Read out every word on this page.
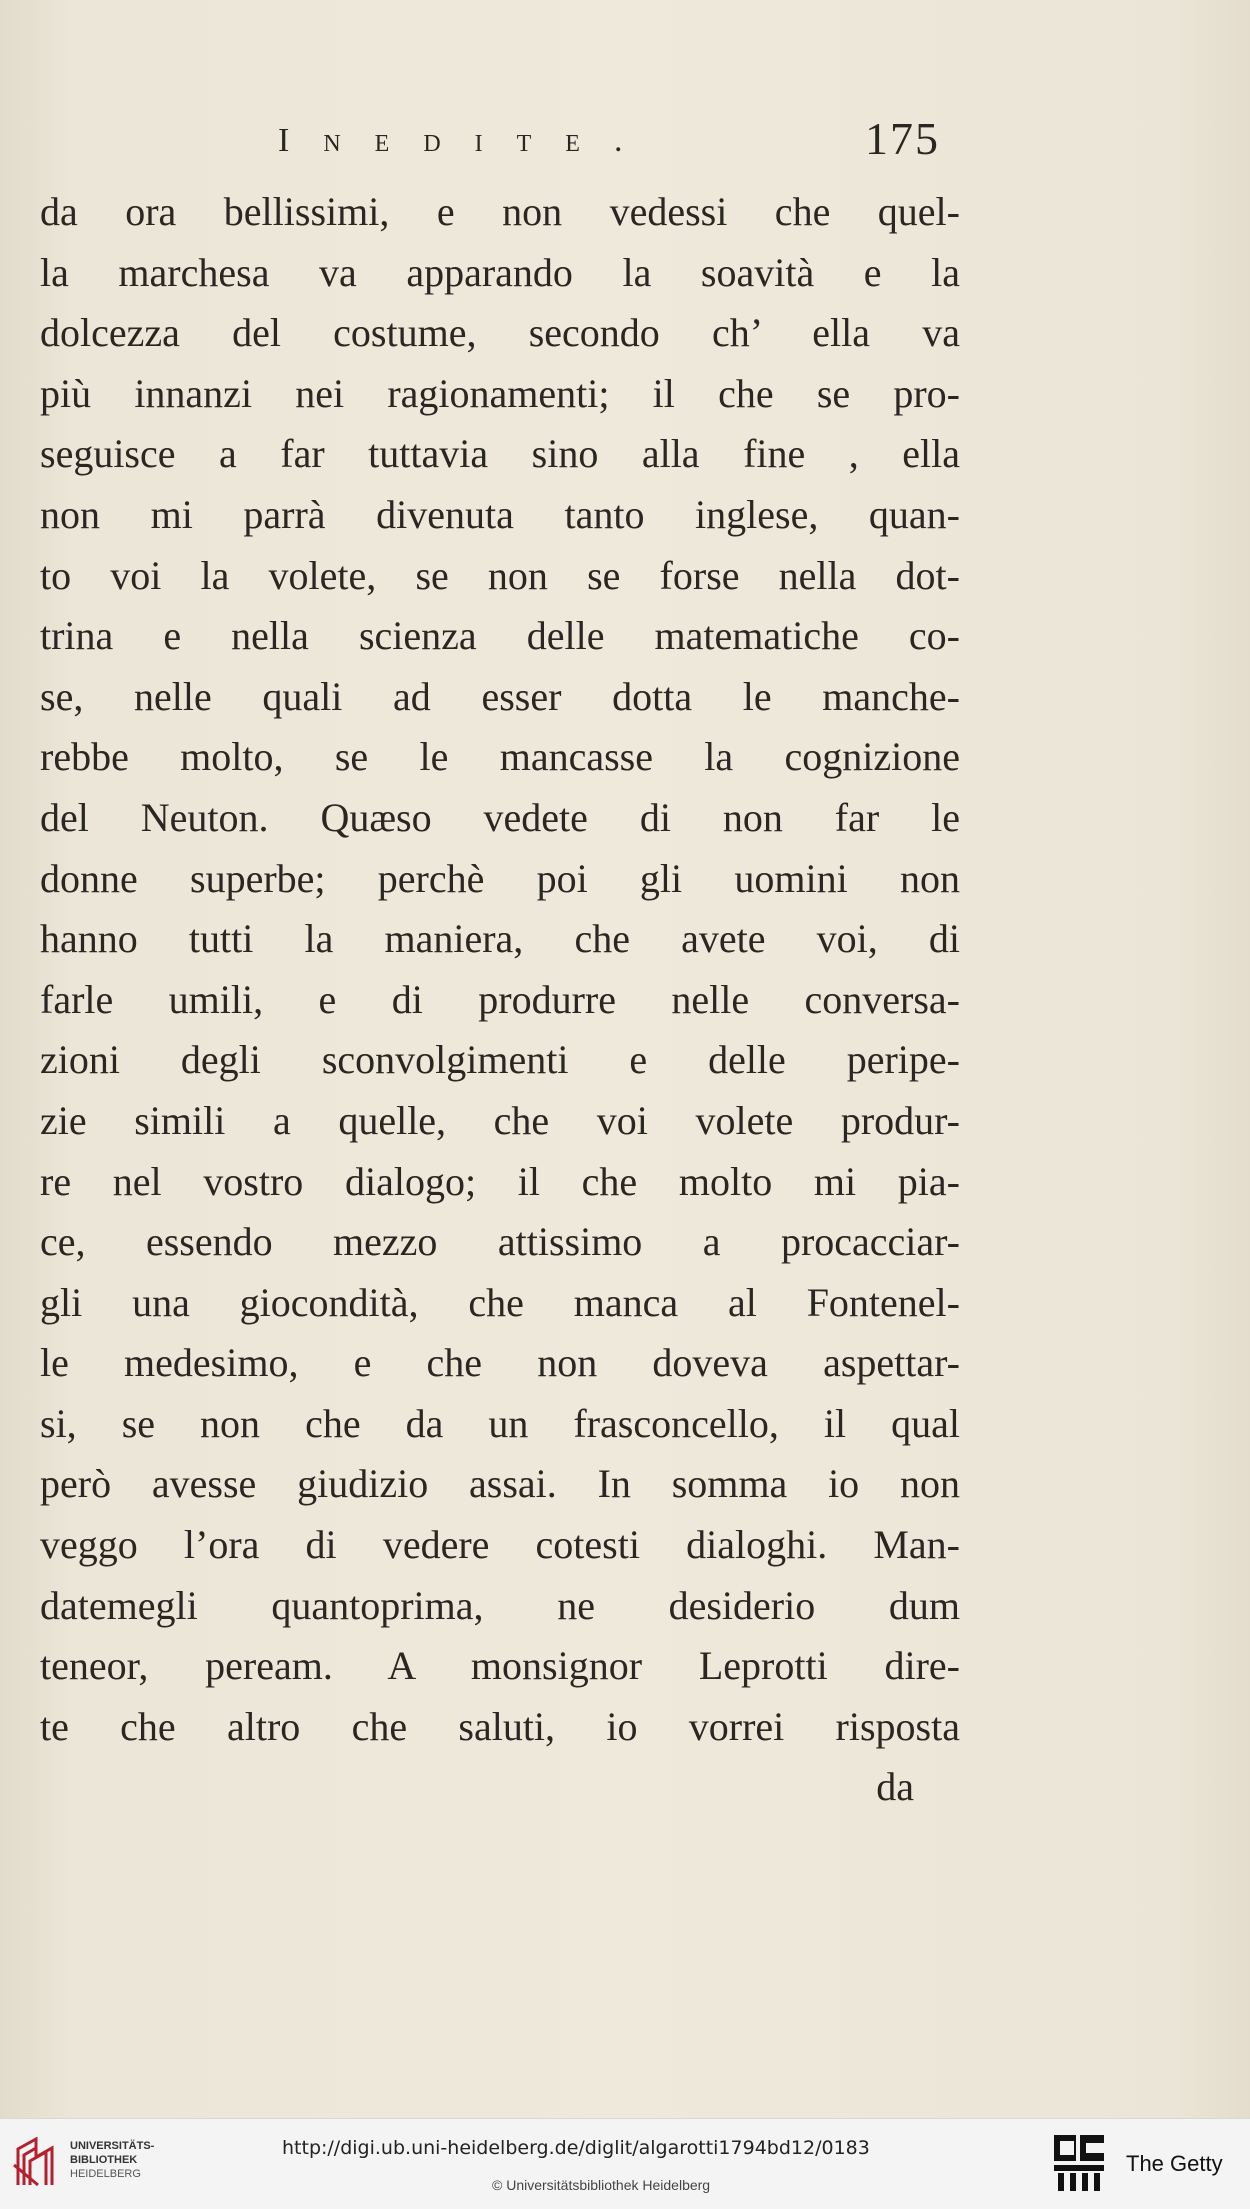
Inedite.	175
da ora bellissimi, e non vedessi che quel-
la marchesa va apparando la soavità e la
dolcezza del costume, secondo ch’ ella va
più innanzi nei ragionamenti; il che se pro-
seguisce a far tuttavia sino alla fine , ella
non mi parrà divenuta tanto inglese, quan-
to voi la volete, se non se forse nella dot-
trina e nella scienza delle matematiche co-
se, nelle quali ad esser dotta le manche-
rebbe molto, se le mancasse la cognizione
del Neuton. Quæso vedete di non far le
donne superbe; perchè poi gli uomini non
hanno tutti la maniera, che avete voi, di
farle umili, e di produrre nelle conversa-
zioni degli sconvolgimenti e delle peripe-
zie simili a quelle, che voi volete produr-
re nel vostro dialogo; il che molto mi pia-
ce, essendo mezzo attissimo a procacciar-
gli una giocondità, che manca al Fontenel-
le medesimo, e che non doveva aspettar-
si, se non che da un frasconcello, il qual
però avesse giudizio assai. In somma io non
veggo l’ora di vedere cotesti dialoghi. Man-
datemegli quantoprima, ne desiderio dum
teneor, peream. A monsignor Leprotti dire-
te che altro che saluti, io vorrei risposta
da
UNIVERSITÄTS-
BIBLIOTHEK
HEIDELBERG
http://digi.ub.uni-heidelberg.de/diglit/algarotti1794bd12/0183
© Universitätsbibliothek Heidelberg
The Getty
